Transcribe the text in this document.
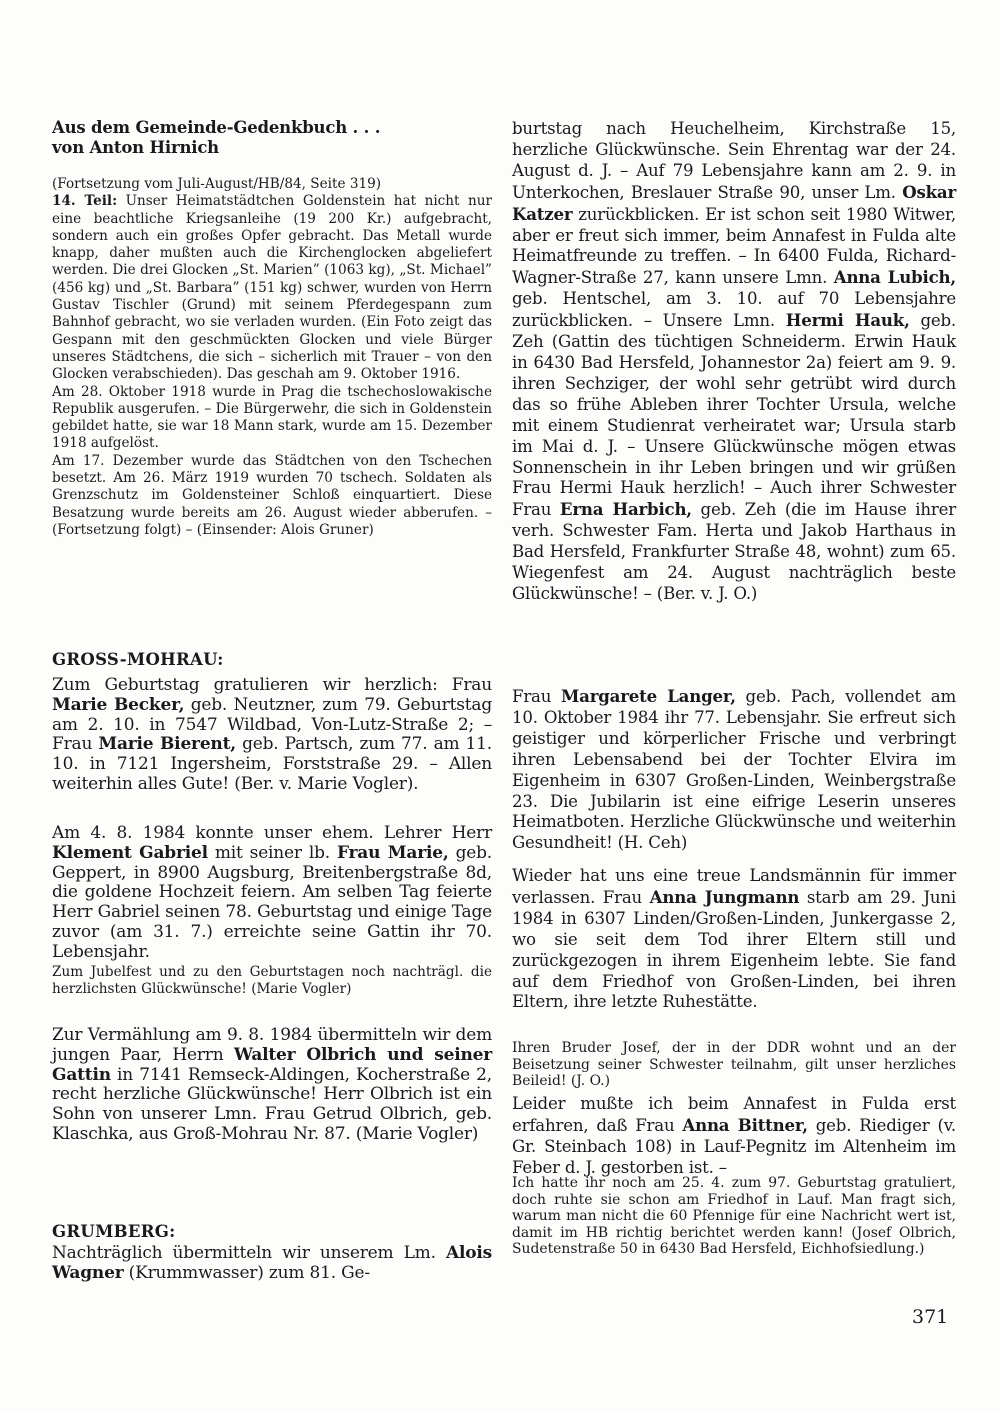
Aus dem Gemeinde-Gedenkbuch . . .

von Anton Hirnich

(Fortsetzung vom Juli-August/HB/84, Seite 319)

14. Teil: Unser Heimatstädtchen Goldenstein hat nicht nur eine beachtliche Kriegsanleihe (19 200 Kr.) aufgebracht, sondern auch ein großes Opfer gebracht. Das Metall wurde knapp, daher mußten auch die Kirchenglocken abgeliefert werden. Die drei Glocken „St. Marien” (1063 kg), „St. Michael” (456 kg) und „St. Barbara” (151 kg) schwer, wurden von Herrn Gustav Tischler (Grund) mit seinem Pferdegespann zum Bahnhof gebracht, wo sie verladen wurden. (Ein Foto zeigt das Gespann mit den geschmückten Glocken und viele Bürger unseres Städtchens, die sich – sicherlich mit Trauer – von den Glocken verabschieden). Das geschah am 9. Oktober 1916.

Am 28. Oktober 1918 wurde in Prag die tschechoslowakische Republik ausgerufen. – Die Bürgerwehr, die sich in Goldenstein gebildet hatte, sie war 18 Mann stark, wurde am 15. Dezember 1918 aufgelöst.

Am 17. Dezember wurde das Städtchen von den Tschechen besetzt. Am 26. März 1919 wurden 70 tschech. Soldaten als Grenzschutz im Goldensteiner Schloß einquartiert. Diese Besatzung wurde bereits am 26. August wieder abberufen. – (Fortsetzung folgt) – (Einsender: Alois Gruner)

GROSS-MOHRAU:

Zum Geburtstag gratulieren wir herzlich: Frau Marie Becker, geb. Neutzner, zum 79. Geburtstag am 2. 10. in 7547 Wildbad, Von-Lutz-Straße 2; – Frau Marie Bierent, geb. Partsch, zum 77. am 11. 10. in 7121 Ingersheim, Forststraße 29. – Allen weiterhin alles Gute! (Ber. v. Marie Vogler).

Am 4. 8. 1984 konnte unser ehem. Lehrer Herr Klement Gabriel mit seiner lb. Frau Marie, geb. Geppert, in 8900 Augsburg, Breitenbergstraße 8d, die goldene Hochzeit feiern. Am selben Tag feierte Herr Gabriel seinen 78. Geburtstag und einige Tage zuvor (am 31. 7.) erreichte seine Gattin ihr 70. Lebensjahr.

Zum Jubelfest und zu den Geburtstagen noch nachträgl. die herzlichsten Glückwünsche! (Marie Vogler)

Zur Vermählung am 9. 8. 1984 übermitteln wir dem jungen Paar, Herrn Walter Olbrich und seiner Gattin in 7141 Remseck-Aldingen, Kocherstraße 2, recht herzliche Glückwünsche! Herr Olbrich ist ein Sohn von unserer Lmn. Frau Getrud Olbrich, geb. Klaschka, aus Groß-Mohrau Nr. 87. (Marie Vogler)

GRUMBERG:

Nachträglich übermitteln wir unserem Lm. Alois Wagner (Krummwasser) zum 81. Ge-

burtstag nach Heuchelheim, Kirchstraße 15, herzliche Glückwünsche. Sein Ehrentag war der 24. August d. J. – Auf 79 Lebensjahre kann am 2. 9. in Unterkochen, Breslauer Straße 90, unser Lm. Oskar Katzer zurückblicken. Er ist schon seit 1980 Witwer, aber er freut sich immer, beim Annafest in Fulda alte Heimatfreunde zu treffen. – In 6400 Fulda, Richard-Wagner-Straße 27, kann unsere Lmn. Anna Lubich, geb. Hentschel, am 3. 10. auf 70 Lebensjahre zurückblicken. – Unsere Lmn. Hermi Hauk, geb. Zeh (Gattin des tüchtigen Schneiderm. Erwin Hauk in 6430 Bad Hersfeld, Johannestor 2a) feiert am 9. 9. ihren Sechziger, der wohl sehr getrübt wird durch das so frühe Ableben ihrer Tochter Ursula, welche mit einem Studienrat verheiratet war; Ursula starb im Mai d. J. – Unsere Glückwünsche mögen etwas Sonnenschein in ihr Leben bringen und wir grüßen Frau Hermi Hauk herzlich! – Auch ihrer Schwester Frau Erna Harbich, geb. Zeh (die im Hause ihrer verh. Schwester Fam. Herta und Jakob Harthaus in Bad Hersfeld, Frankfurter Straße 48, wohnt) zum 65. Wiegenfest am 24. August nachträglich beste Glückwünsche! – (Ber. v. J. O.)

Frau Margarete Langer, geb. Pach, vollendet am 10. Oktober 1984 ihr 77. Lebensjahr. Sie erfreut sich geistiger und körperlicher Frische und verbringt ihren Lebensabend bei der Tochter Elvira im Eigenheim in 6307 Großen-Linden, Weinbergstraße 23. Die Jubilarin ist eine eifrige Leserin unseres Heimatboten. Herzliche Glückwünsche und weiterhin Gesundheit! (H. Ceh)

Wieder hat uns eine treue Landsmännin für immer verlassen. Frau Anna Jungmann starb am 29. Juni 1984 in 6307 Linden/Großen-Linden, Junkergasse 2, wo sie seit dem Tod ihrer Eltern still und zurückgezogen in ihrem Eigenheim lebte. Sie fand auf dem Friedhof von Großen-Linden, bei ihren Eltern, ihre letzte Ruhestätte.

Ihren Bruder Josef, der in der DDR wohnt und an der Beisetzung seiner Schwester teilnahm, gilt unser herzliches Beileid! (J. O.)

Leider mußte ich beim Annafest in Fulda erst erfahren, daß Frau Anna Bittner, geb. Riediger (v. Gr. Steinbach 108) in Lauf-Pegnitz im Altenheim im Feber d. J. gestorben ist. –

Ich hatte ihr noch am 25. 4. zum 97. Geburtstag gratuliert, doch ruhte sie schon am Friedhof in Lauf. Man fragt sich, warum man nicht die 60 Pfennige für eine Nachricht wert ist, damit im HB richtig berichtet werden kann! (Josef Olbrich, Sudetenstraße 50 in 6430 Bad Hersfeld, Eichhofsiedlung.)

371
